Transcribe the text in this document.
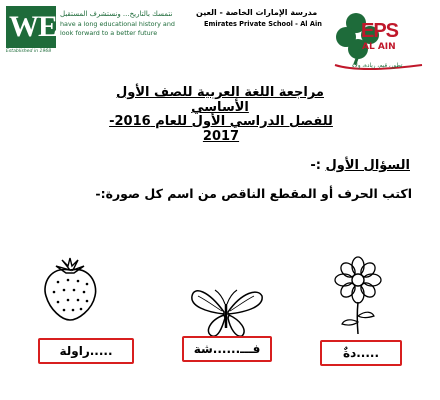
WE
Established in 1968
نتمسك بالتاريخ... ونستشرف المستقبل
have a long educational history and look forward to a better future
مدرسة الإمارات الخاصة - العين
Emirates Private School - Al Ain EPS
AL AIN
تطور، قيم، ريادة، ولاء
مراجعة اللغة العربية للصف الأول الأساسي
للفصل الدراسي الأول للعام 2016-2017
السؤال الأول :-
اكتب الحرف أو المقطع الناقص من اسم كل صورة:-
.....راولة	فـــ......شة	.....دةٌ
